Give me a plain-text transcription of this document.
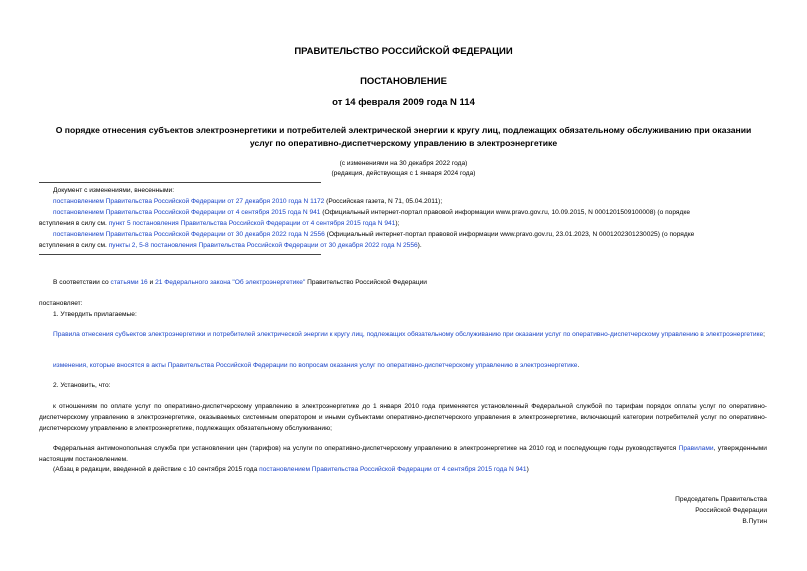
ПРАВИТЕЛЬСТВО РОССИЙСКОЙ ФЕДЕРАЦИИ
ПОСТАНОВЛЕНИЕ
от 14 февраля 2009 года N 114
О порядке отнесения субъектов электроэнергетики и потребителей электрической энергии к кругу лиц, подлежащих обязательному обслуживанию при оказании
услуг по оперативно-диспетчерскому управлению в электроэнергетике
(с изменениями на 30 декабря 2022 года)
(редакция, действующая с 1 января 2024 года)
Документ с изменениями, внесенными:
постановлением Правительства Российской Федерации от 27 декабря 2010 года N 1172 (Российская газета, N 71, 05.04.2011);
постановлением Правительства Российской Федерации от 4 сентября 2015 года N 941 (Официальный интернет-портал правовой информации www.pravo.gov.ru, 10.09.2015, N 0001201509100008) (о порядке
вступления в силу см. пункт 5 постановления Правительства Российской Федерации от 4 сентября 2015 года N 941);
постановлением Правительства Российской Федерации от 30 декабря 2022 года N 2556 (Официальный интернет-портал правовой информации www.pravo.gov.ru, 23.01.2023, N 0001202301230025) (о порядке
вступления в силу см. пункты 2, 5-8 постановления Правительства Российской Федерации от 30 декабря 2022 года N 2556).
В соответствии со статьями 16 и 21 Федерального закона "Об электроэнергетике" Правительство Российской Федерации
постановляет:
1. Утвердить прилагаемые:
Правила отнесения субъектов электроэнергетики и потребителей электрической энергии к кругу лиц, подлежащих обязательному обслуживанию при оказании услуг по оперативно-диспетчерскому управлению в электроэнергетике;
изменения, которые вносятся в акты Правительства Российской Федерации по вопросам оказания услуг по оперативно-диспетчерскому управлению в электроэнергетике.
2. Установить, что:
к отношениям по оплате услуг по оперативно-диспетчерскому управлению в электроэнергетике до 1 января 2010 года применяется установленный Федеральной службой по тарифам порядок оплаты услуг по оперативно-диспетчерскому управлению в электроэнергетике, оказываемых системным оператором и иными субъектами оперативно-диспетчерского управления в электроэнергетике, включающий категории потребителей услуг по оперативно-диспетчерскому управлению в электроэнергетике, подлежащих обязательному обслуживанию;
Федеральная антимонопольная служба при установлении цен (тарифов) на услуги по оперативно-диспетчерскому управлению в электроэнергетике на 2010 год и последующие годы руководствуется Правилами, утвержденными настоящим постановлением.
(Абзац в редакции, введенной в действие с 10 сентября 2015 года постановлением Правительства Российской Федерации от 4 сентября 2015 года N 941)
Председатель Правительства
Российской Федерации
В.Путин
